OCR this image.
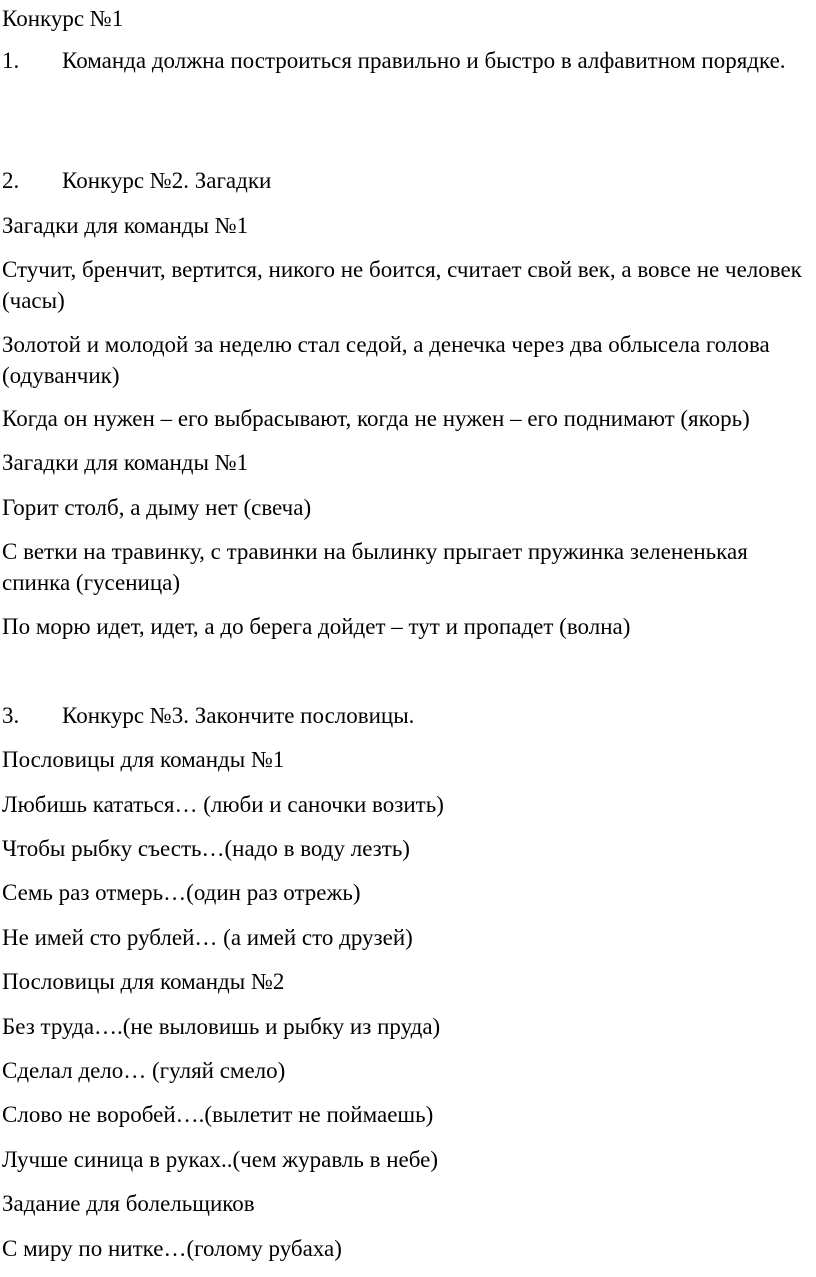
Конкурс №1

1. Команда должна построиться правильно и быстро в алфавитном порядке.

2. Конкурс №2. Загадки

Загадки для команды №1

Стучит, бренчит, вертится, никого не боится, считает свой век, а вовсе не человек (часы)

Золотой и молодой за неделю стал седой, а денечка через два облысела голова (одуванчик)

Когда он нужен – его выбрасывают, когда не нужен – его поднимают (якорь)

Загадки для команды №1

Горит столб, а дыму нет (свеча)

С ветки на травинку, с травинки на былинку прыгает пружинка зелененькая спинка (гусеница)

По морю идет, идет, а до берега дойдет – тут и пропадет (волна)

3. Конкурс №3. Закончите пословицы.

Пословицы для команды №1

Любишь кататься… (люби и саночки возить)

Чтобы рыбку съесть…(надо в воду лезть)

Семь раз отмерь…(один раз отрежь)

Не имей сто рублей… (а имей сто друзей)

Пословицы для команды №2

Без труда….(не выловишь и рыбку из пруда)

Сделал дело… (гуляй смело)

Слово не воробей….(вылетит не поймаешь)

Лучше синица в руках..(чем журавль в небе)

Задание для болельщиков

С миру по нитке…(голому рубаха)
